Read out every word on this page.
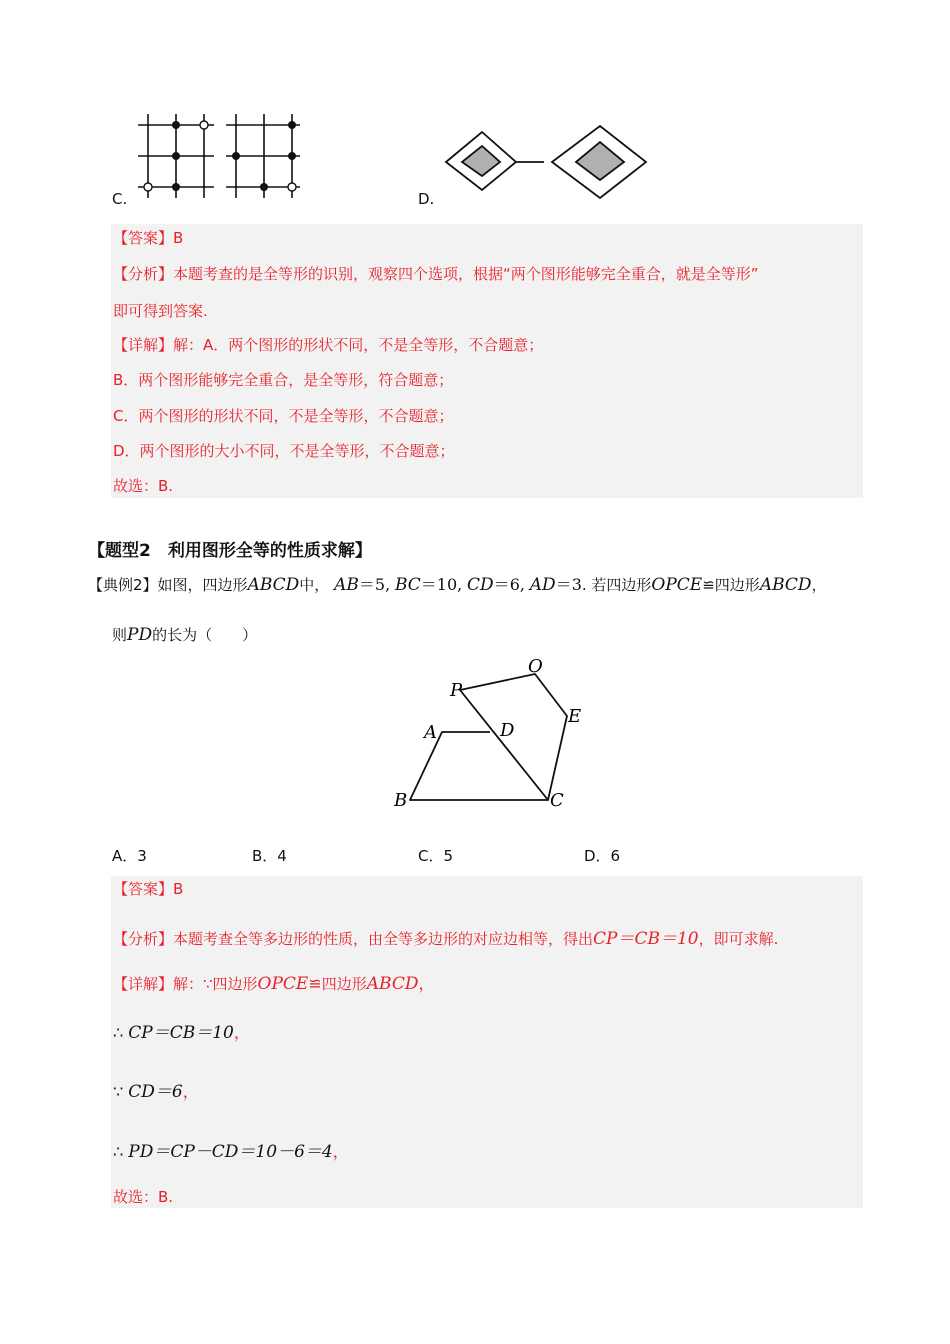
C.	D.
【答案】B
【分析】本题考查的是全等形的识别，观察四个选项，根据“两个图形能够完全重合，就是全等形”
即可得到答案.
【详解】解：A．两个图形的形状不同，不是全等形，不合题意；
B．两个图形能够完全重合，是全等形，符合题意；
C．两个图形的形状不同，不是全等形，不合题意；
D．两个图形的大小不同，不是全等形，不合题意；
故选：B.
【题型2　利用图形全等的性质求解】
【典例2】如图，四边形ABCD中， AB＝5, BC＝10, CD＝6, AD＝3. 若四边形OPCE≌四边形ABCD，
则PD的长为（　　）
P
O
E
A	D
B	C
A．3	B．4	C．5	D．6
【答案】B
【分析】本题考查全等多边形的性质，由全等多边形的对应边相等，得出CP＝CB＝10，即可求解.
【详解】解：∵四边形OPCE≌四边形ABCD，
∴ CP＝CB＝10，
∵ CD＝6，
∴ PD＝CP－CD＝10－6＝4，
故选：B.
